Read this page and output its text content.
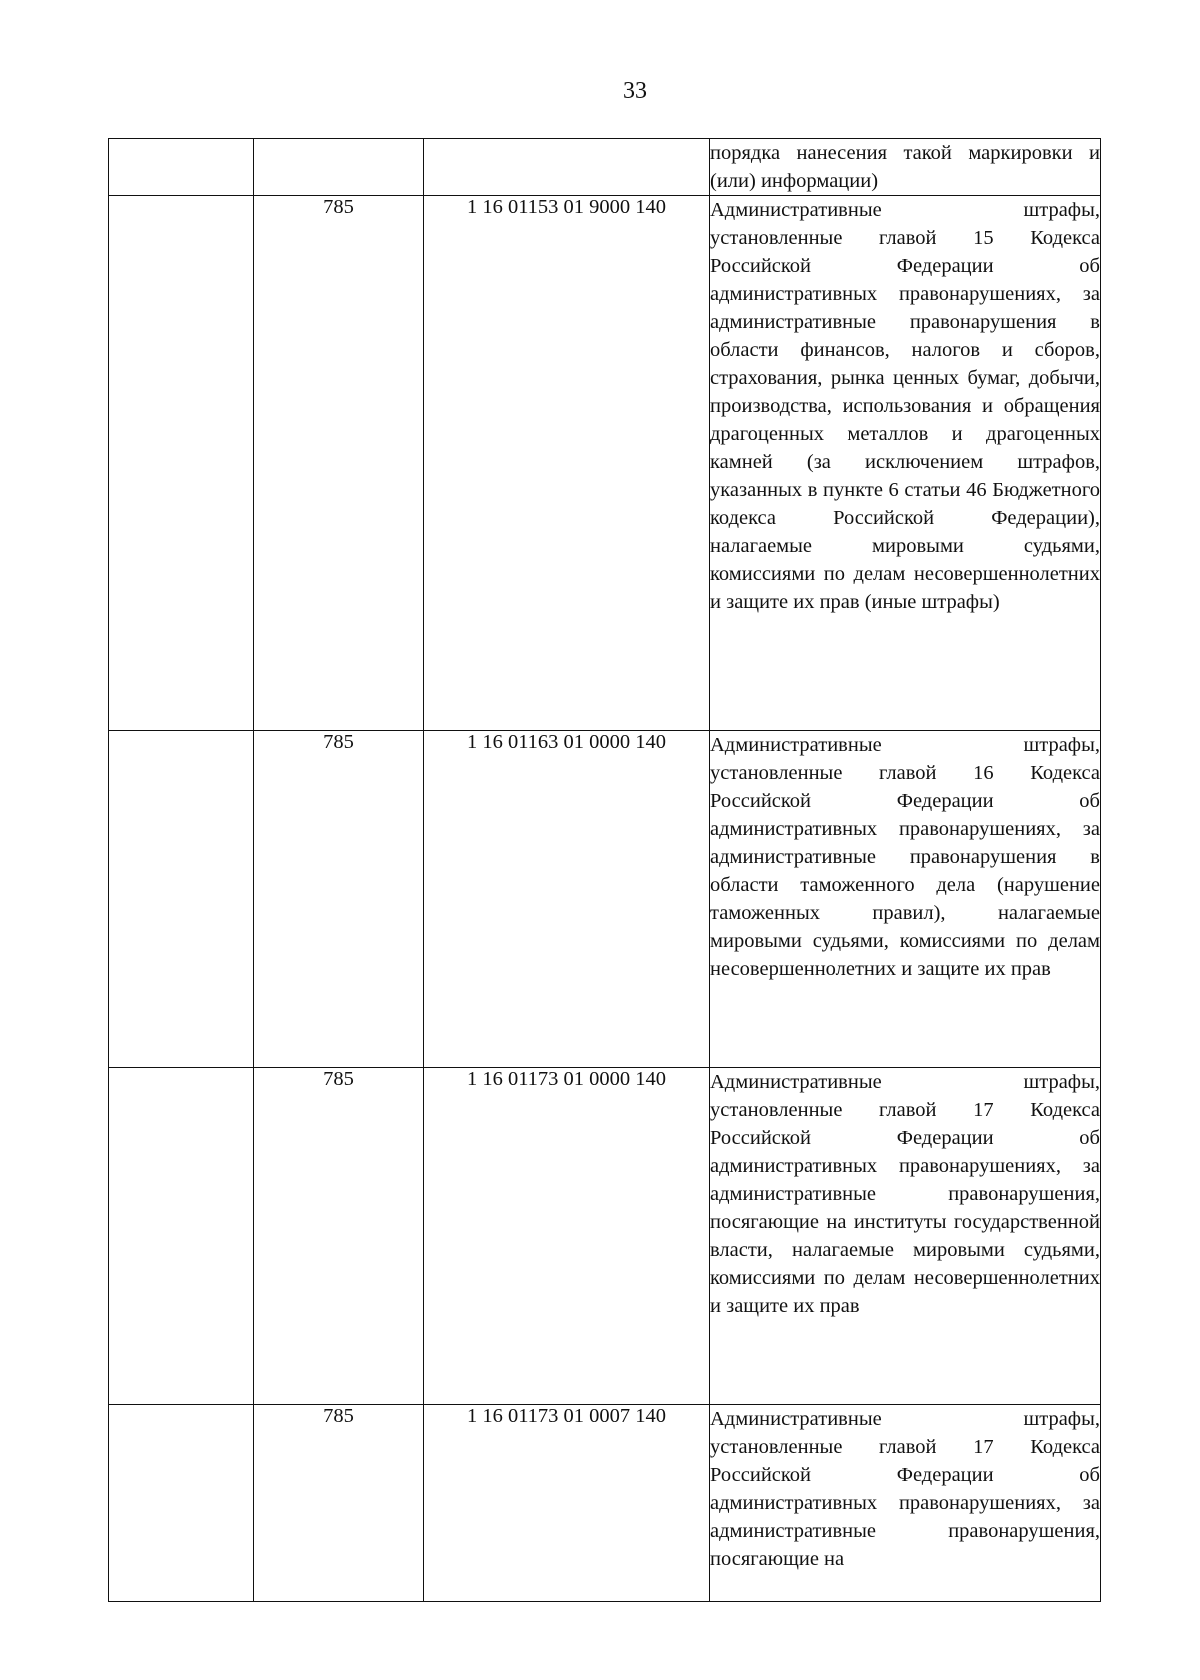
33

			порядка нанесения такой маркировки и (или) информации)

	785	1 16 01153 01 9000 140	Административные штрафы, установленные главой 15 Кодекса Российской Федерации об административных правонарушениях, за административные правонарушения в области финансов, налогов и сборов, страхования, рынка ценных бумаг, добычи, производства, использования и обращения драгоценных металлов и драгоценных камней (за исключением штрафов, указанных в пункте 6 статьи 46 Бюджетного кодекса Российской Федерации), налагаемые мировыми судьями, комиссиями по делам несовершеннолетних и защите их прав (иные штрафы)

	785	1 16 01163 01 0000 140	Административные штрафы, установленные главой 16 Кодекса Российской Федерации об административных правонарушениях, за административные правонарушения в области таможенного дела (нарушение таможенных правил), налагаемые мировыми судьями, комиссиями по делам несовершеннолетних и защите их прав

	785	1 16 01173 01 0000 140	Административные штрафы, установленные главой 17 Кодекса Российской Федерации об административных правонарушениях, за административные правонарушения, посягающие на институты государственной власти, налагаемые мировыми судьями, комиссиями по делам несовершеннолетних и защите их прав

	785	1 16 01173 01 0007 140	Административные штрафы, установленные главой 17 Кодекса Российской Федерации об административных правонарушениях, за административные правонарушения, посягающие на
